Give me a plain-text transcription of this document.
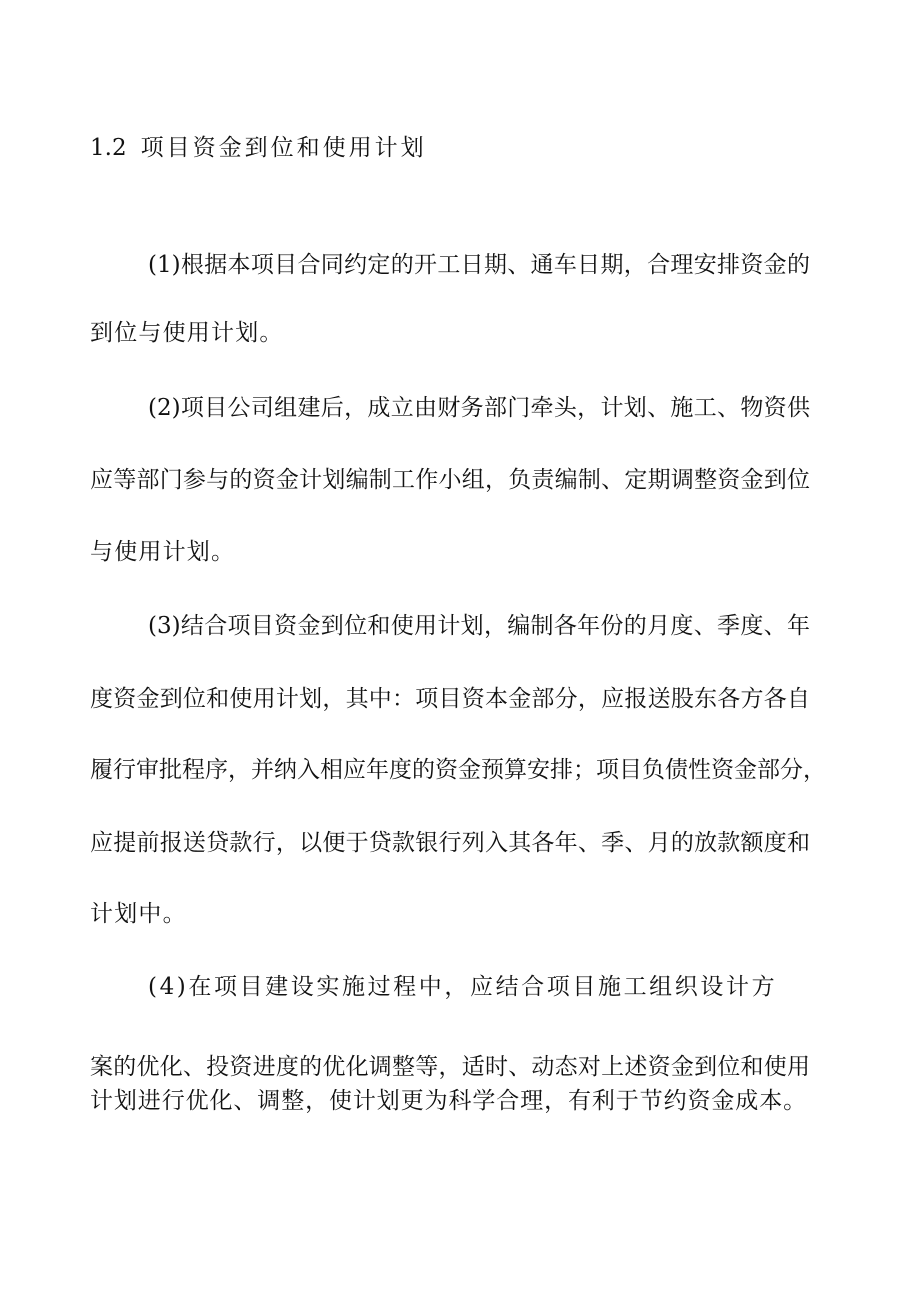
1.2 项目资金到位和使用计划
(1)根据本项目合同约定的开工日期、通车日期，合理安排资金的
到位与使用计划。
(2)项目公司组建后，成立由财务部门牵头，计划、施工、物资供
应等部门参与的资金计划编制工作小组，负责编制、定期调整资金到位
与使用计划。
(3)结合项目资金到位和使用计划，编制各年份的月度、季度、年
度资金到位和使用计划，其中：项目资本金部分，应报送股东各方各自
履行审批程序，并纳入相应年度的资金预算安排；项目负债性资金部分，
应提前报送贷款行，以便于贷款银行列入其各年、季、月的放款额度和
计划中。
(4)在项目建设实施过程中，应结合项目施工组织设计方
案的优化、投资进度的优化调整等，适时、动态对上述资金到位和使用
计划进行优化、调整，使计划更为科学合理，有利于节约资金成本。
